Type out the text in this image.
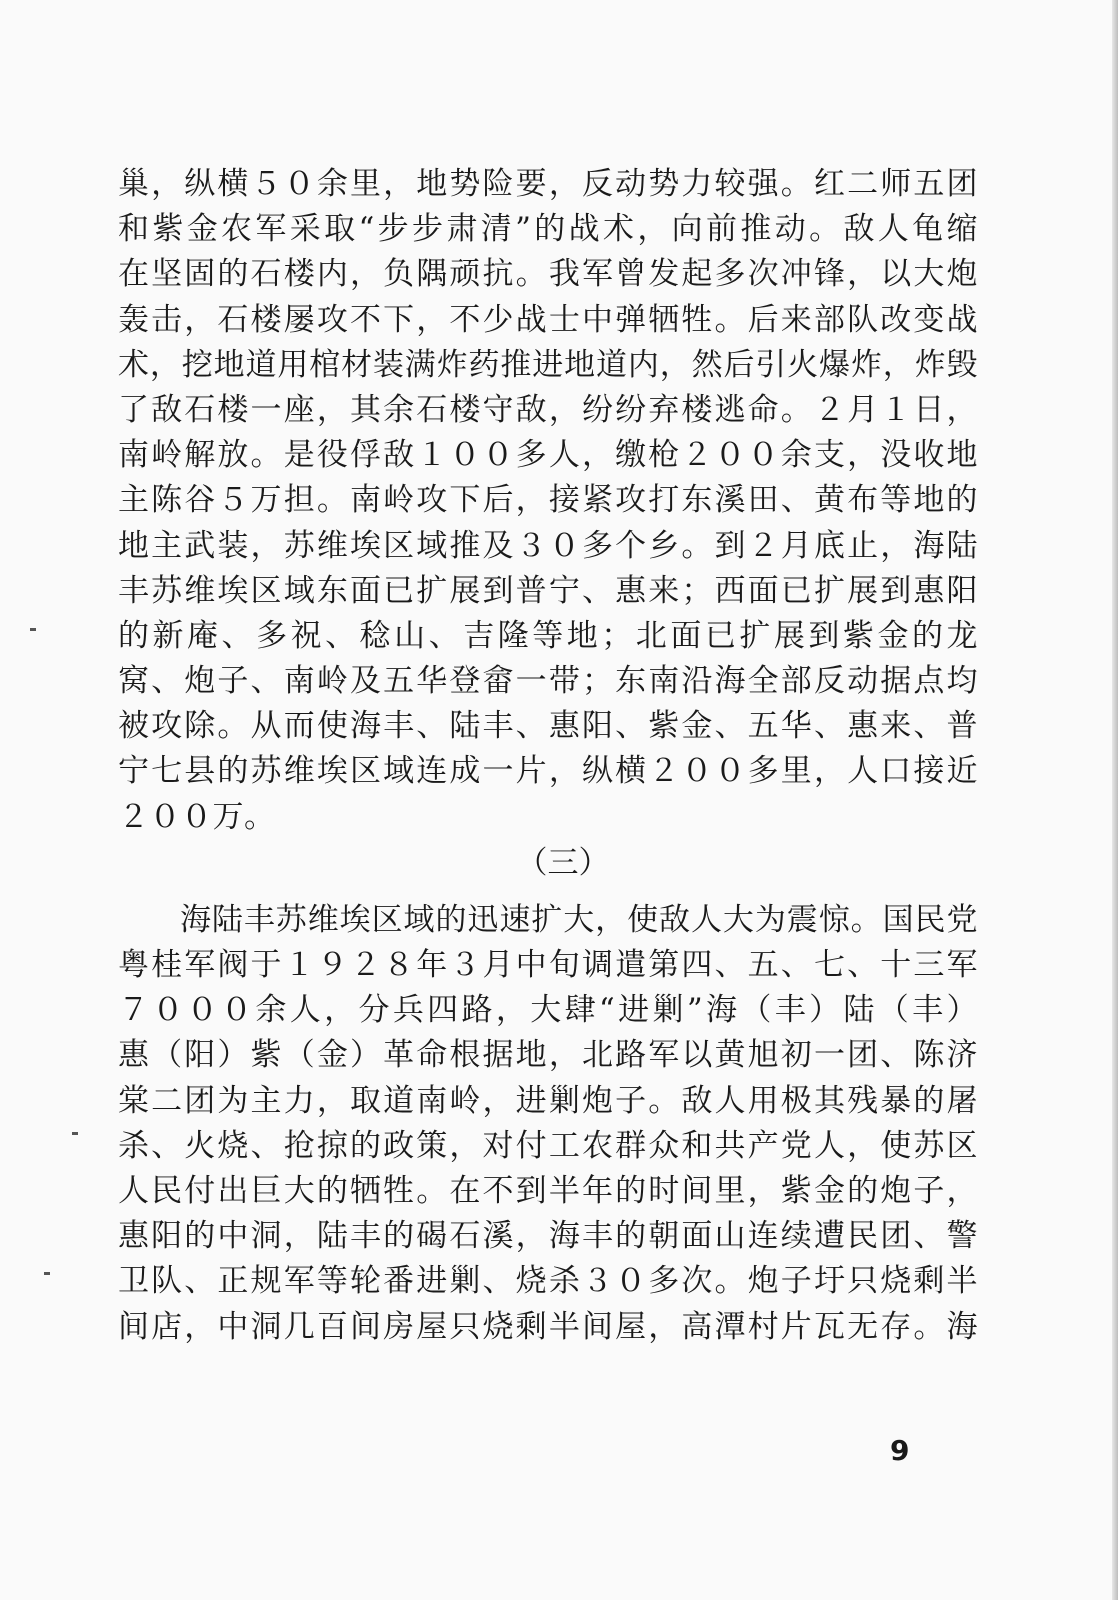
巢，纵横５０余里，地势险要，反动势力较强。红二师五团
和紫金农军采取“步步肃清”的战术，向前推动。敌人龟缩
在坚固的石楼内，负隅顽抗。我军曾发起多次冲锋，以大炮
轰击，石楼屡攻不下，不少战士中弹牺牲。后来部队改变战
术，挖地道用棺材装满炸药推进地道内，然后引火爆炸，炸毁
了敌石楼一座，其余石楼守敌，纷纷弃楼逃命。２月１日，
南岭解放。是役俘敌１００多人，缴枪２００余支，没收地
主陈谷５万担。南岭攻下后，接紧攻打东溪田、黄布等地的
地主武装，苏维埃区域推及３０多个乡。到２月底止，海陆
丰苏维埃区域东面已扩展到普宁、惠来；西面已扩展到惠阳
的新庵、多祝、稔山、吉隆等地；北面已扩展到紫金的龙
窝、炮子、南岭及五华登畲一带；东南沿海全部反动据点均
被攻除。从而使海丰、陆丰、惠阳、紫金、五华、惠来、普
宁七县的苏维埃区域连成一片，纵横２００多里，人口接近
２００万。
（三）
海陆丰苏维埃区域的迅速扩大，使敌人大为震惊。国民党
粤桂军阀于１９２８年３月中旬调遣第四、五、七、十三军
７０００余人，分兵四路，大肆“进剿”海（丰）陆（丰）
惠（阳）紫（金）革命根据地，北路军以黄旭初一团、陈济
棠二团为主力，取道南岭，进剿炮子。敌人用极其残暴的屠
杀、火烧、抢掠的政策，对付工农群众和共产党人，使苏区
人民付出巨大的牺牲。在不到半年的时间里，紫金的炮子，
惠阳的中洞，陆丰的碣石溪，海丰的朝面山连续遭民团、警
卫队、正规军等轮番进剿、烧杀３０多次。炮子圩只烧剩半
间店，中洞几百间房屋只烧剩半间屋，高潭村片瓦无存。海
9
